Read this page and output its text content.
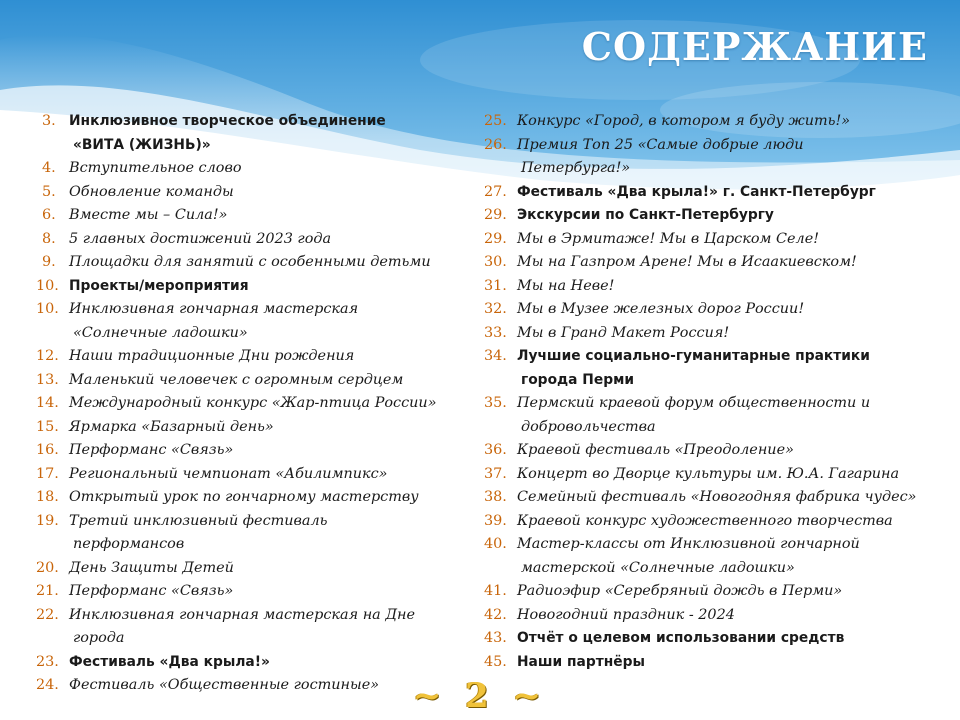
СОДЕРЖАНИЕ
3. Инклюзивное творческое объединение
«ВИТА (ЖИЗНЬ)»
4. Вступительное слово
5. Обновление команды
6. Вместе мы – Сила!»
8. 5 главных достижений 2023 года
9. Площадки для занятий с особенными детьми
10. Проекты/мероприятия
10. Инклюзивная гончарная мастерская
«Солнечные ладошки»
12. Наши традиционные Дни рождения
13. Маленький человечек с огромным сердцем
14. Международный конкурс «Жар-птица России»
15. Ярмарка «Базарный день»
16. Перформанс «Связь»
17. Региональный чемпионат «Абилимпикс»
18. Открытый урок по гончарному мастерству
19. Третий инклюзивный фестиваль
перформансов
20. День Защиты Детей
21. Перформанс «Связь»
22. Инклюзивная гончарная мастерская на Дне
города
23. Фестиваль «Два крыла!»
24. Фестиваль «Общественные гостиные»
25. Конкурс «Город, в котором я буду жить!»
26. Премия Топ 25 «Самые добрые люди
Петербурга!»
27. Фестиваль «Два крыла!» г. Санкт-Петербург
29. Экскурсии по Санкт-Петербургу
29. Мы в Эрмитаже! Мы в Царском Селе!
30. Мы на Газпром Арене! Мы в Исаакиевском!
31. Мы на Неве!
32. Мы в Музее железных дорог России!
33. Мы в Гранд Макет Россия!
34. Лучшие социально-гуманитарные практики
города Перми
35. Пермский краевой форум общественности и
добровольчества
36. Краевой фестиваль «Преодоление»
37. Концерт во Дворце культуры им. Ю.А. Гагарина
38. Семейный фестиваль «Новогодняя фабрика чудес»
39. Краевой конкурс художественного творчества
40. Мастер-классы от Инклюзивной гончарной
мастерской «Солнечные ладошки»
41. Радиоэфир «Серебряный дождь в Перми»
42. Новогодний праздник - 2024
43. Отчёт о целевом использовании средств
45. Наши партнёры
~ 2 ~
